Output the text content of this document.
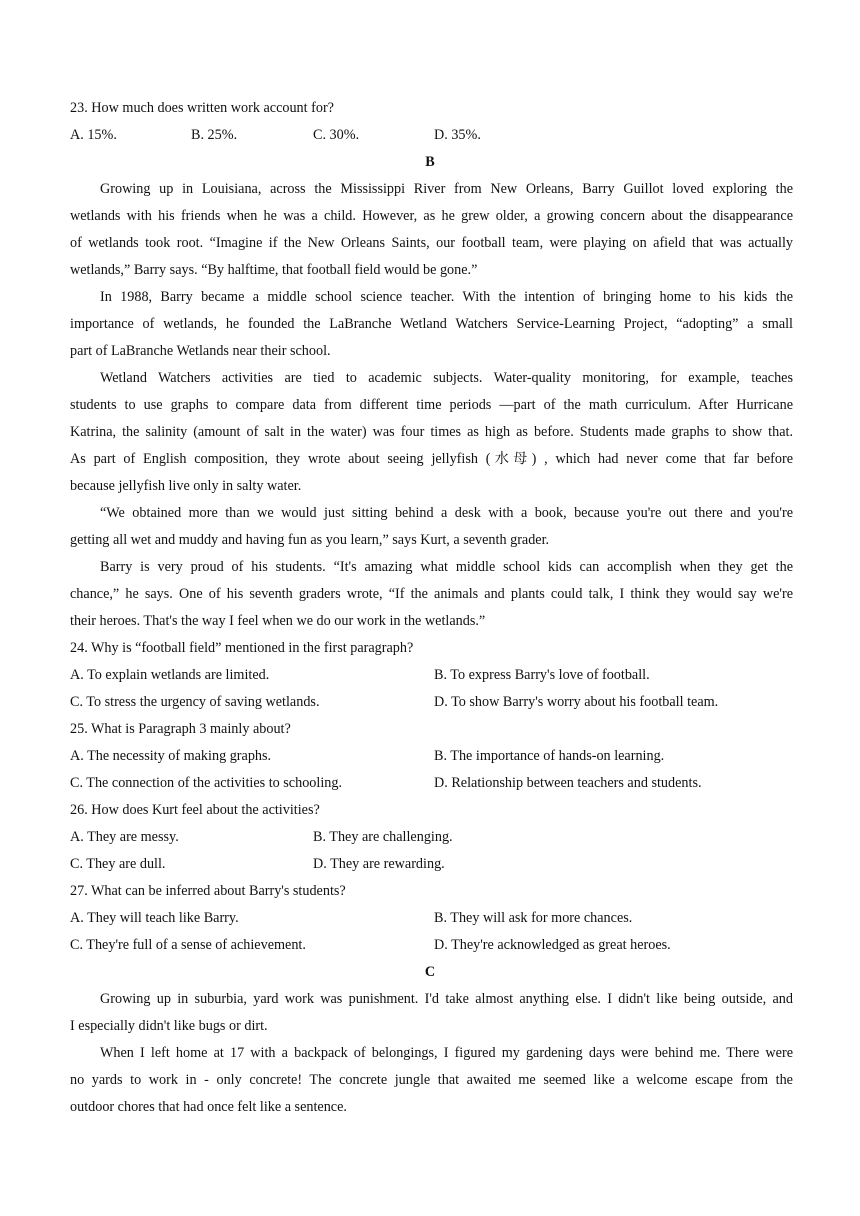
23. How much does written work account for?
A. 15%.	B. 25%.	C. 30%.	D. 35%.
B
Growing up in Louisiana, across the Mississippi River from New Orleans, Barry Guillot loved exploring the
wetlands with his friends when he was a child. However, as he grew older, a growing concern about the disappearance
of wetlands took root. “Imagine if the New Orleans Saints, our football team, were playing on afield that was actually
wetlands,” Barry says. “By halftime, that football field would be gone.”
In 1988, Barry became a middle school science teacher. With the intention of bringing home to his kids the
importance of wetlands, he founded the LaBranche Wetland Watchers Service-Learning Project, “adopting” a small
part of LaBranche Wetlands near their school.
Wetland Watchers activities are tied to academic subjects. Water-quality monitoring, for example, teaches
students to use graphs to compare data from different time periods —part of the math curriculum. After Hurricane
Katrina, the salinity (amount of salt in the water) was four times as high as before. Students made graphs to show that.
As part of English composition, they wrote about seeing jellyfish (水母) , which had never come that far before
because jellyfish live only in salty water.
“We obtained more than we would just sitting behind a desk with a book, because you're out there and you're
getting all wet and muddy and having fun as you learn,” says Kurt, a seventh grader.
Barry is very proud of his students. “It's amazing what middle school kids can accomplish when they get the
chance,” he says. One of his seventh graders wrote, “If the animals and plants could talk, I think they would say we're
their heroes. That's the way I feel when we do our work in the wetlands.”
24. Why is “football field” mentioned in the first paragraph?
A. To explain wetlands are limited.	B. To express Barry's love of football.
C. To stress the urgency of saving wetlands.	D. To show Barry's worry about his football team.
25. What is Paragraph 3 mainly about?
A. The necessity of making graphs.	B. The importance of hands-on learning.
C. The connection of the activities to schooling.	D. Relationship between teachers and students.
26. How does Kurt feel about the activities?
A. They are messy.	B. They are challenging.
C. They are dull.	D. They are rewarding.
27. What can be inferred about Barry's students?
A. They will teach like Barry.	B. They will ask for more chances.
C. They're full of a sense of achievement.	D. They're acknowledged as great heroes.
C
Growing up in suburbia, yard work was punishment. I'd take almost anything else. I didn't like being outside, and
I especially didn't like bugs or dirt.
When I left home at 17 with a backpack of belongings, I figured my gardening days were behind me. There were
no yards to work in - only concrete! The concrete jungle that awaited me seemed like a welcome escape from the
outdoor chores that had once felt like a sentence.
